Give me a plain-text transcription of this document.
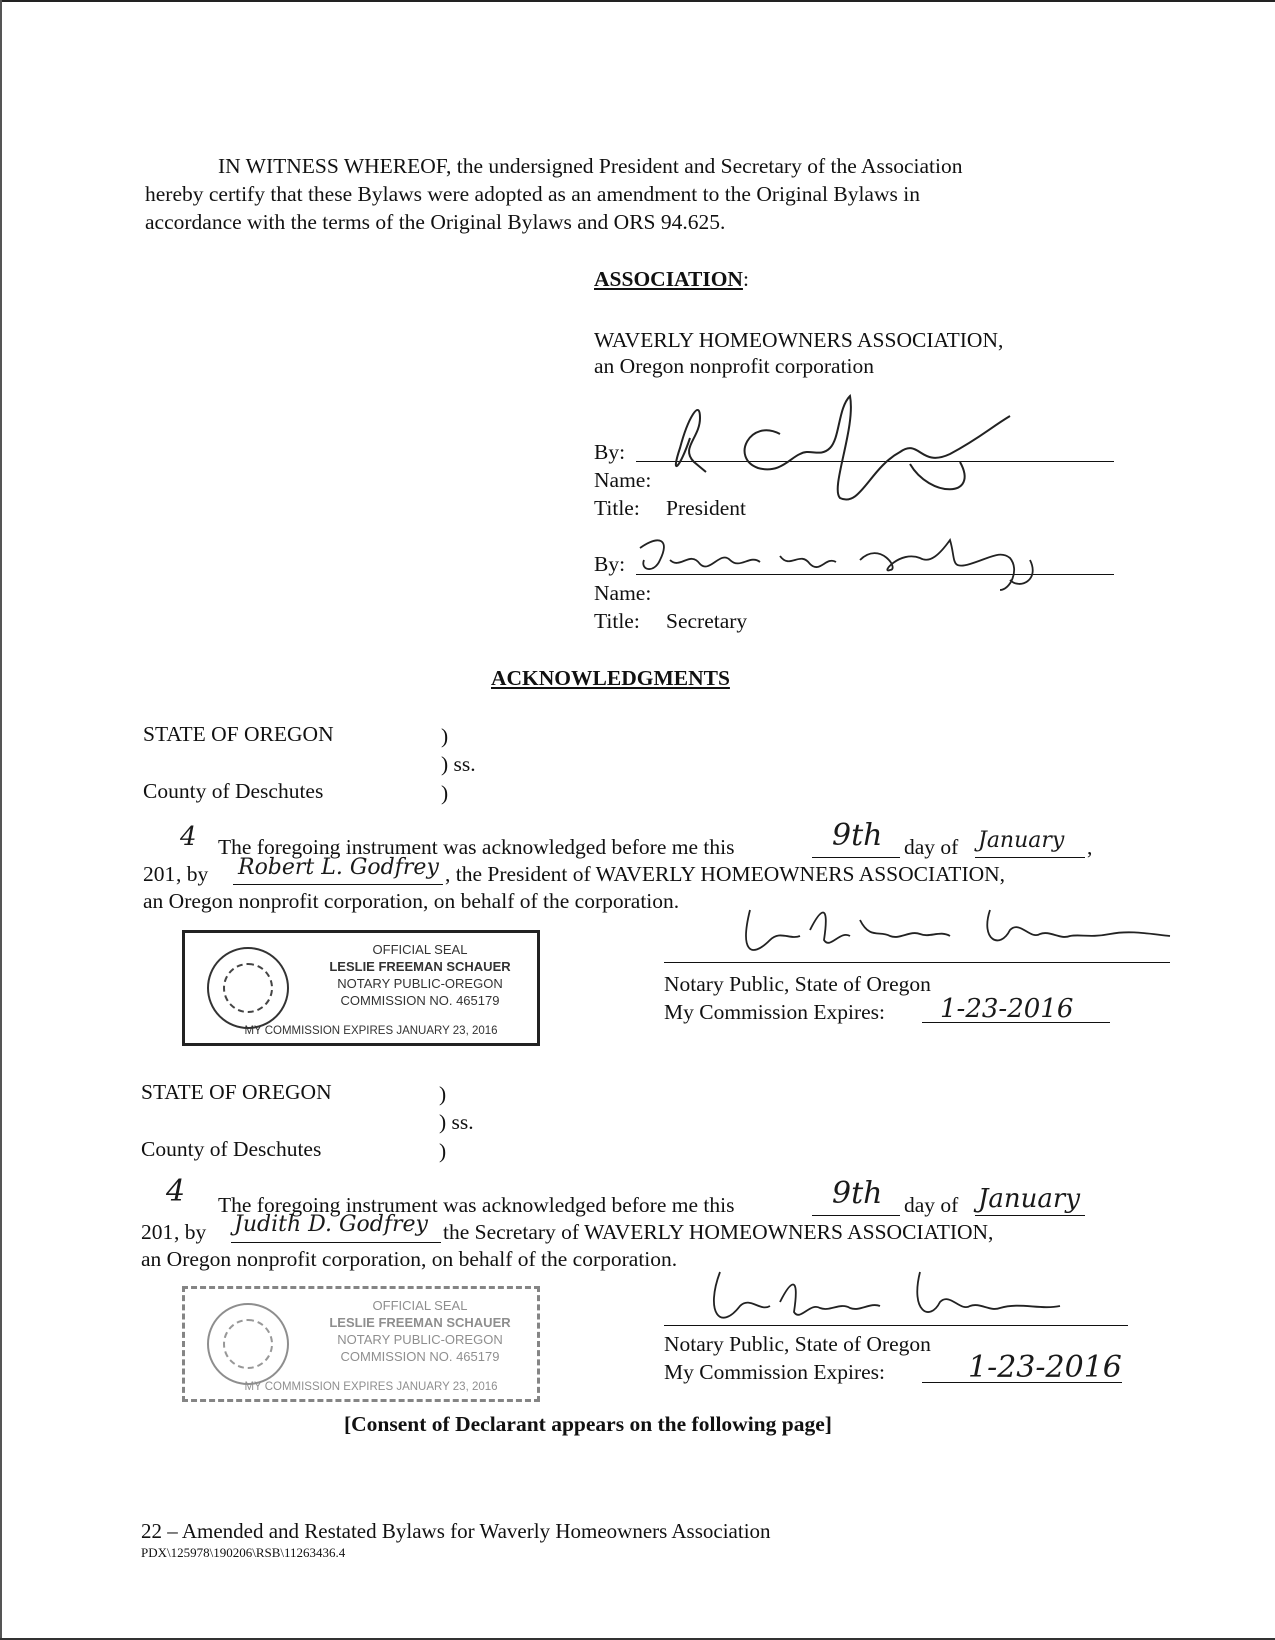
IN WITNESS WHEREOF, the undersigned President and Secretary of the Association
hereby certify that these Bylaws were adopted as an amendment to the Original Bylaws in
accordance with the terms of the Original Bylaws and ORS 94.625.
ASSOCIATION:
WAVERLY HOMEOWNERS ASSOCIATION,
an Oregon nonprofit corporation
By:
Name:
Title: President
By:
Name:
Title: Secretary
ACKNOWLEDGMENTS
STATE OF OREGON	)
) ss.
County of Deschutes	)
4 The foregoing instrument was acknowledged before me this	9th day of January ,
201 , by Robert L. Godfrey , the President of WAVERLY HOMEOWNERS ASSOCIATION,
an Oregon nonprofit corporation, on behalf of the corporation.
OFFICIAL SEAL
LESLIE FREEMAN SCHAUER
NOTARY PUBLIC-OREGON
COMMISSION NO. 465179
MY COMMISSION EXPIRES JANUARY 23, 2016
Notary Public, State of Oregon
My Commission Expires: 1-23-2016
STATE OF OREGON	)
) ss.
County of Deschutes	)
4 The foregoing instrument was acknowledged before me this	9th day of January
201 , by Judith D. Godfrey the Secretary of WAVERLY HOMEOWNERS ASSOCIATION,
an Oregon nonprofit corporation, on behalf of the corporation.
OFFICIAL SEAL
LESLIE FREEMAN SCHAUER
NOTARY PUBLIC-OREGON
COMMISSION NO. 465179
MY COMMISSION EXPIRES JANUARY 23, 2016
Notary Public, State of Oregon
My Commission Expires:	1-23-2016
[Consent of Declarant appears on the following page]
22 – Amended and Restated Bylaws for Waverly Homeowners Association
PDX\125978\190206\RSB\11263436.4
